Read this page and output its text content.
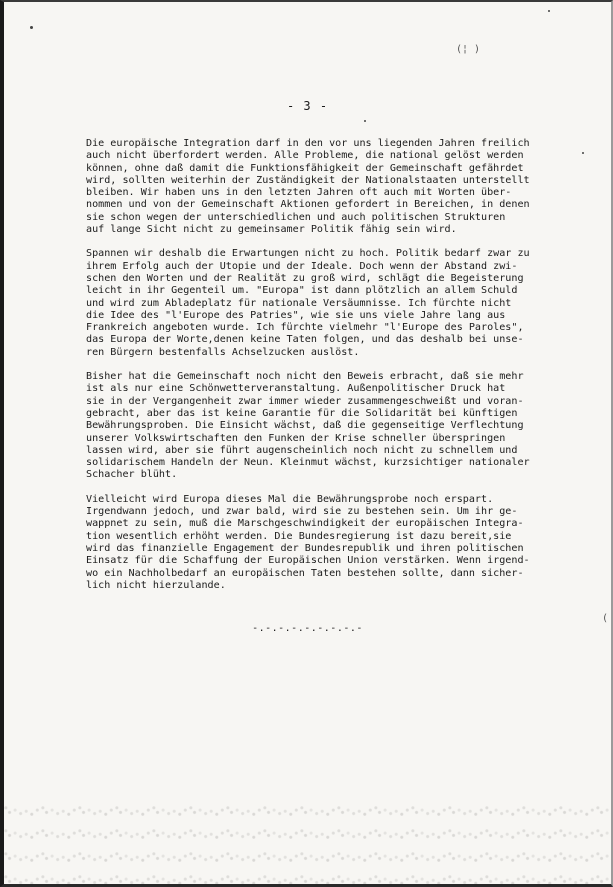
(¦ )
- 3 -

Die europäische Integration darf in den vor uns liegenden Jahren freilich
auch nicht überfordert werden. Alle Probleme, die national gelöst werden
können, ohne daß damit die Funktionsfähigkeit der Gemeinschaft gefährdet
wird, sollten weiterhin der Zuständigkeit der Nationalstaaten unterstellt
bleiben. Wir haben uns in den letzten Jahren oft auch mit Worten über-
nommen und von der Gemeinschaft Aktionen gefordert in Bereichen, in denen
sie schon wegen der unterschiedlichen und auch politischen Strukturen
auf lange Sicht nicht zu gemeinsamer Politik fähig sein wird.

Spannen wir deshalb die Erwartungen nicht zu hoch. Politik bedarf zwar zu
ihrem Erfolg auch der Utopie und der Ideale. Doch wenn der Abstand zwi-
schen den Worten und der Realität zu groß wird, schlägt die Begeisterung
leicht in ihr Gegenteil um. "Europa" ist dann plötzlich an allem Schuld
und wird zum Abladeplatz für nationale Versäumnisse. Ich fürchte nicht
die Idee des "l'Europe des Patries", wie sie uns viele Jahre lang aus
Frankreich angeboten wurde. Ich fürchte vielmehr "l'Europe des Paroles",
das Europa der Worte,denen keine Taten folgen, und das deshalb bei unse-
ren Bürgern bestenfalls Achselzucken auslöst.

Bisher hat die Gemeinschaft noch nicht den Beweis erbracht, daß sie mehr
ist als nur eine Schönwetterveranstaltung. Außenpolitischer Druck hat
sie in der Vergangenheit zwar immer wieder zusammengeschweißt und voran-
gebracht, aber das ist keine Garantie für die Solidarität bei künftigen
Bewährungsproben. Die Einsicht wächst, daß die gegenseitige Verflechtung
unserer Volkswirtschaften den Funken der Krise schneller überspringen
lassen wird, aber sie führt augenscheinlich noch nicht zu schnellem und
solidarischem Handeln der Neun. Kleinmut wächst, kurzsichtiger nationaler
Schacher blüht.

Vielleicht wird Europa dieses Mal die Bewährungsprobe noch erspart.
Irgendwann jedoch, und zwar bald, wird sie zu bestehen sein. Um ihr ge-
wappnet zu sein, muß die Marschgeschwindigkeit der europäischen Integra-
tion wesentlich erhöht werden. Die Bundesregierung ist dazu bereit,sie
wird das finanzielle Engagement der Bundesrepublik und ihren politischen
Einsatz für die Schaffung der Europäischen Union verstärken. Wenn irgend-
wo ein Nachholbedarf an europäischen Taten bestehen sollte, dann sicher-
lich nicht hierzulande.

(
-.-.-.-.-.-.-.-.-
